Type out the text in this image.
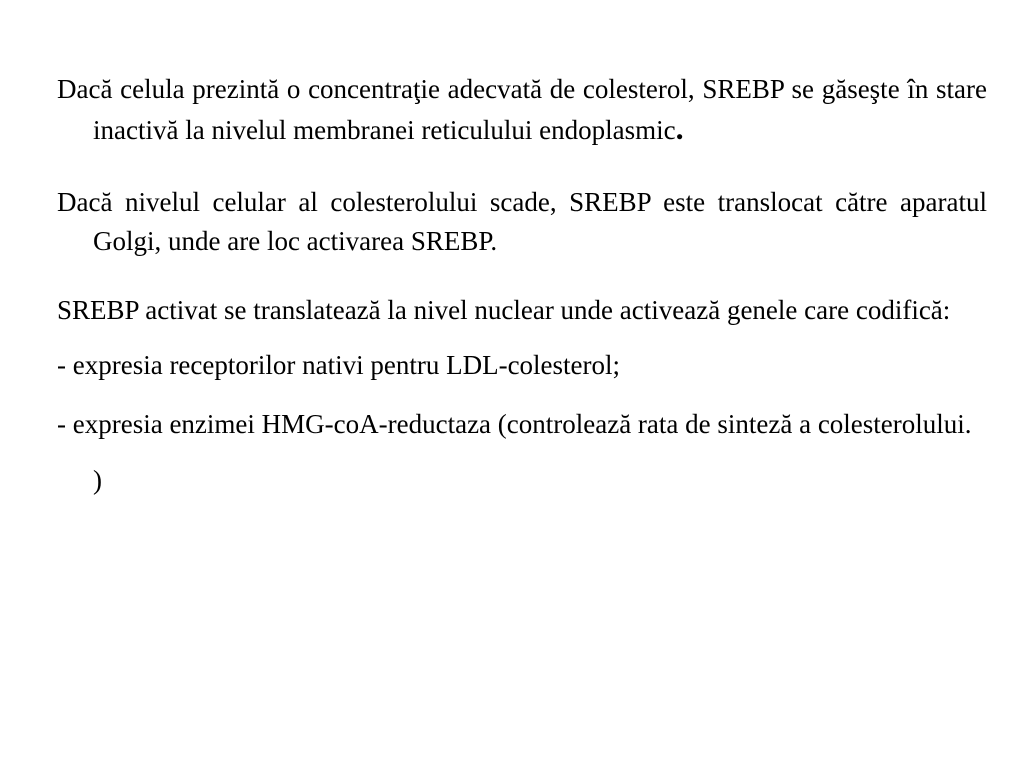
Dacă celula prezintă o concentraţie adecvată de colesterol, SREBP se găseşte în stare inactivă la nivelul membranei reticulului endoplasmic.

Dacă nivelul celular al colesterolului scade, SREBP este translocat către aparatul Golgi, unde are loc activarea SREBP.

SREBP activat se translatează la nivel nuclear unde activează genele care codifică:

- expresia receptorilor nativi pentru LDL-colesterol;

- expresia enzimei HMG-coA-reductaza (controlează rata de sinteză a colesterolului. )
